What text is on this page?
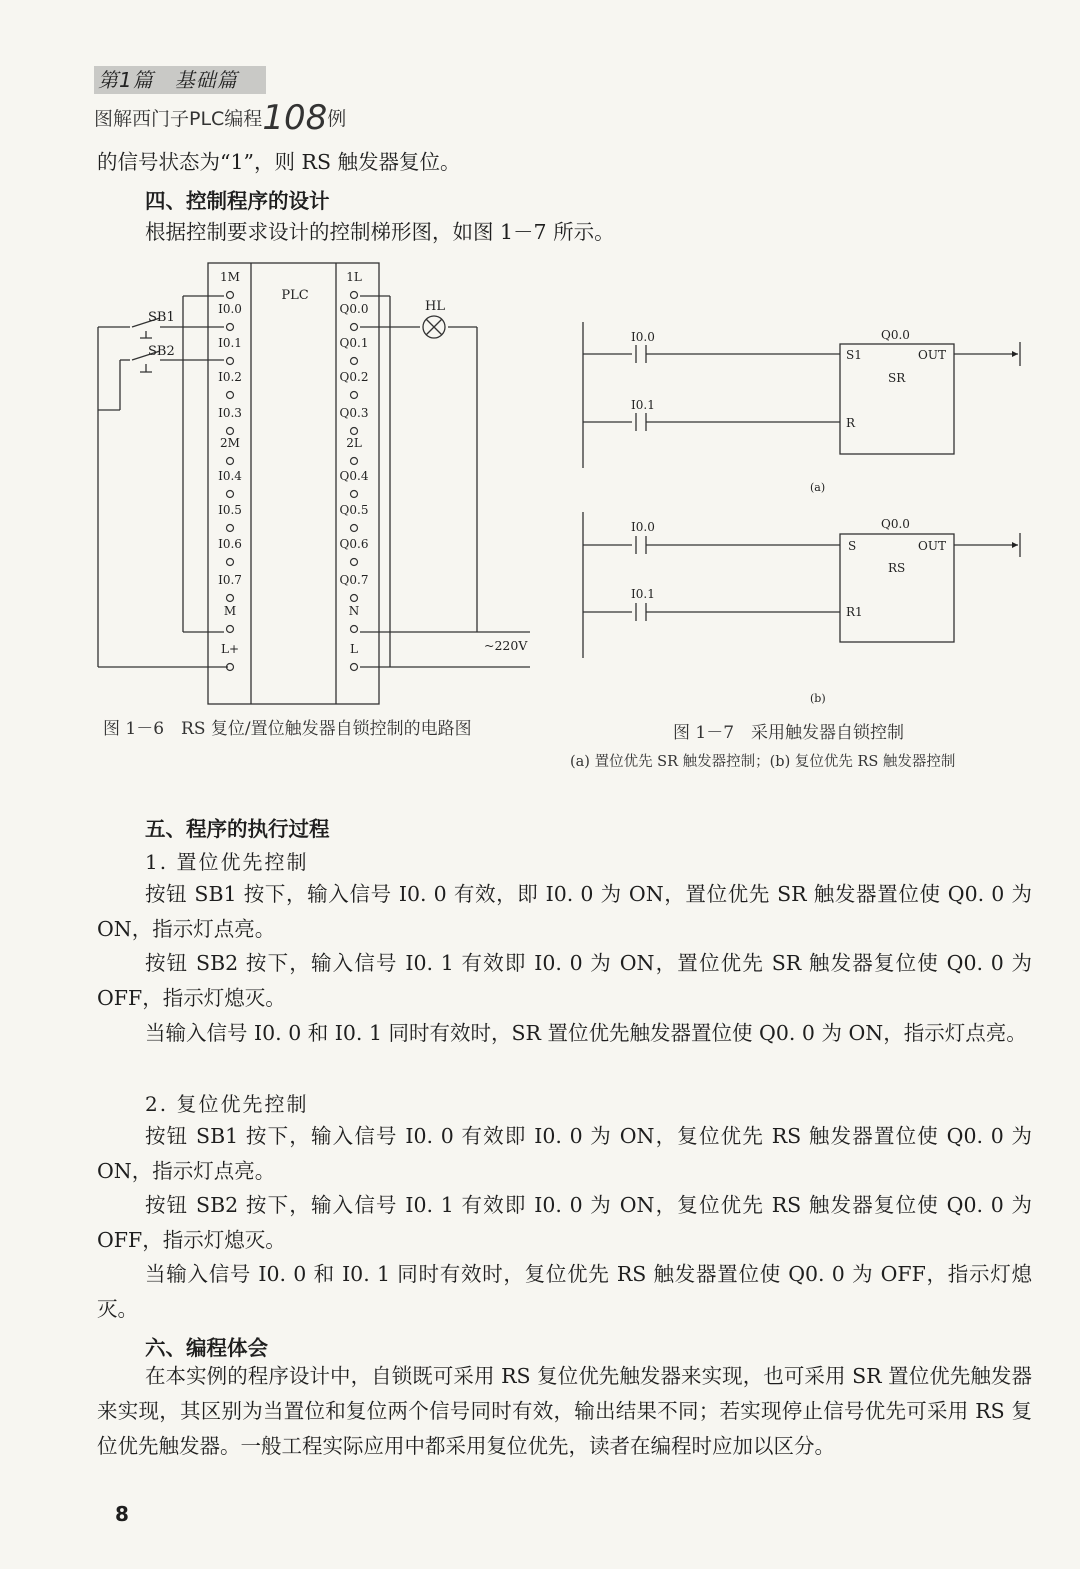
第1篇　基础篇
图解西门子PLC编程108例

的信号状态为“1”，则 RS 触发器复位。

四、控制程序的设计

根据控制要求设计的控制梯形图，如图 1－7 所示。

1M
I0.0
I0.1
I0.2
I0.3
2M
I0.4
I0.5
I0.6
I0.7
M
L+
1L
Q0.0
Q0.1
Q0.2
Q0.3
2L
Q0.4
Q0.5
Q0.6
Q0.7
N
L
PLC
SB1
SB2
HL
~220V
I0.0
I0.1
Q0.0
S1
R
OUT
SR
(a)
I0.0
I0.1
Q0.0
S
R1
OUT
RS
(b)
图 1－6　RS 复位/置位触发器自锁控制的电路图	图 1－7　采用触发器自锁控制
(a) 置位优先 SR 触发器控制；(b) 复位优先 RS 触发器控制

五、程序的执行过程

1. 置位优先控制

按钮 SB1 按下，输入信号 I0. 0 有效，即 I0. 0 为 ON，置位优先 SR 触发器置位使 Q0. 0 为 ON，指示灯点亮。

按钮 SB2 按下，输入信号 I0. 1 有效即 I0. 0 为 ON，置位优先 SR 触发器复位使 Q0. 0 为 OFF，指示灯熄灭。

当输入信号 I0. 0 和 I0. 1 同时有效时，SR 置位优先触发器置位使 Q0. 0 为 ON，指示灯点亮。

2. 复位优先控制

按钮 SB1 按下，输入信号 I0. 0 有效即 I0. 0 为 ON，复位优先 RS 触发器置位使 Q0. 0 为 ON，指示灯点亮。

按钮 SB2 按下，输入信号 I0. 1 有效即 I0. 0 为 ON，复位优先 RS 触发器复位使 Q0. 0 为 OFF，指示灯熄灭。

当输入信号 I0. 0 和 I0. 1 同时有效时，复位优先 RS 触发器置位使 Q0. 0 为 OFF，指示灯熄灭。

六、编程体会

在本实例的程序设计中，自锁既可采用 RS 复位优先触发器来实现，也可采用 SR 置位优先触发器来实现，其区别为当置位和复位两个信号同时有效，输出结果不同；若实现停止信号优先可采用 RS 复位优先触发器。一般工程实际应用中都采用复位优先，读者在编程时应加以区分。

8
